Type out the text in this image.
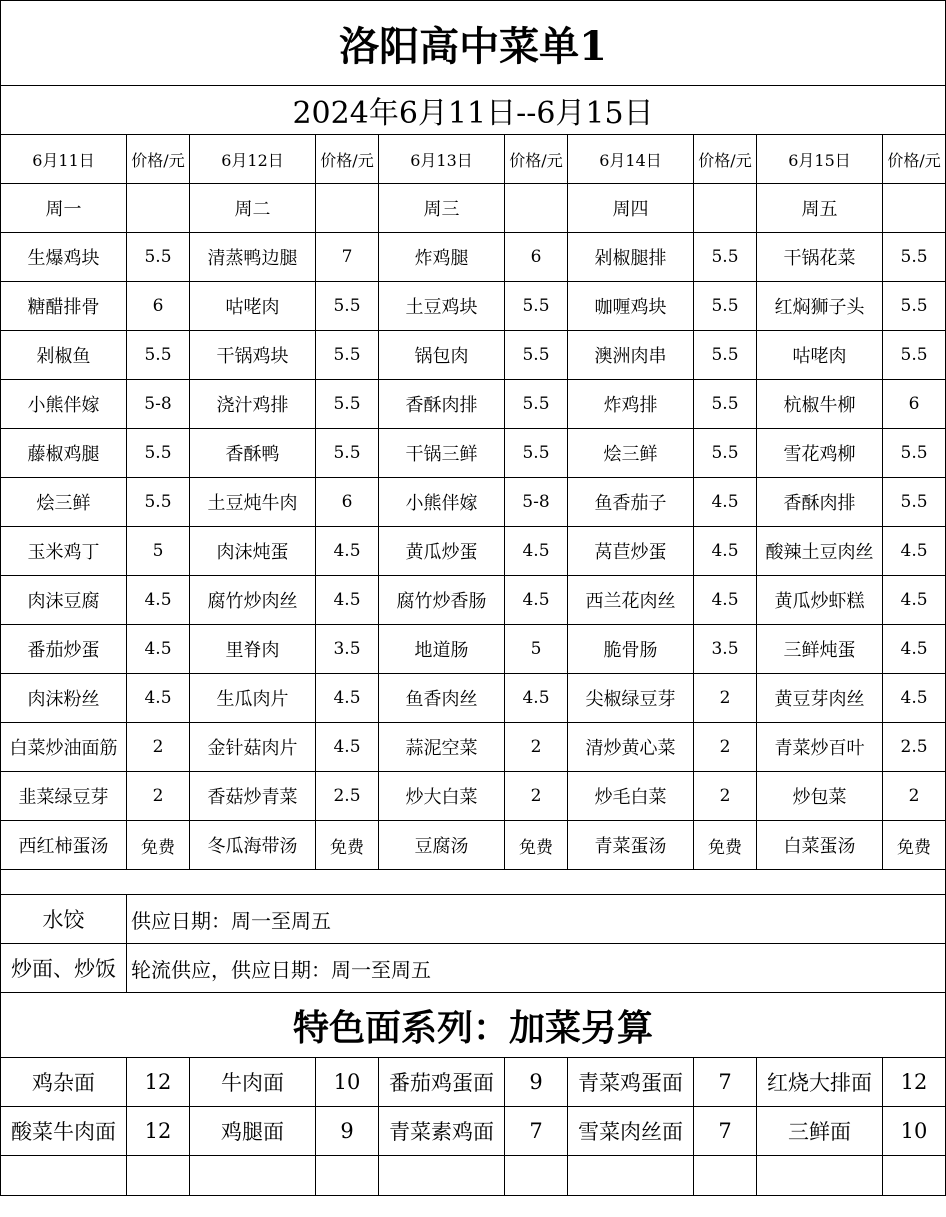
洛阳高中菜单1									
2024年6月11日--6月15日									
6月11日	价格/元	6月12日	价格/元	6月13日	价格/元	6月14日	价格/元	6月15日	价格/元
周一		周二		周三		周四		周五	
生爆鸡块	5.5	清蒸鸭边腿	7	炸鸡腿	6	剁椒腿排	5.5	干锅花菜	5.5
糖醋排骨	6	咕咾肉	5.5	土豆鸡块	5.5	咖喱鸡块	5.5	红焖狮子头	5.5
剁椒鱼	5.5	干锅鸡块	5.5	锅包肉	5.5	澳洲肉串	5.5	咕咾肉	5.5
小熊伴嫁	5-8	浇汁鸡排	5.5	香酥肉排	5.5	炸鸡排	5.5	杭椒牛柳	6
藤椒鸡腿	5.5	香酥鸭	5.5	干锅三鲜	5.5	烩三鲜	5.5	雪花鸡柳	5.5
烩三鲜	5.5	土豆炖牛肉	6	小熊伴嫁	5-8	鱼香茄子	4.5	香酥肉排	5.5
玉米鸡丁	5	肉沫炖蛋	4.5	黄瓜炒蛋	4.5	莴苣炒蛋	4.5	酸辣土豆肉丝	4.5
肉沫豆腐	4.5	腐竹炒肉丝	4.5	腐竹炒香肠	4.5	西兰花肉丝	4.5	黄瓜炒虾糕	4.5
番茄炒蛋	4.5	里脊肉	3.5	地道肠	5	脆骨肠	3.5	三鲜炖蛋	4.5
肉沫粉丝	4.5	生瓜肉片	4.5	鱼香肉丝	4.5	尖椒绿豆芽	2	黄豆芽肉丝	4.5
白菜炒油面筋	2	金针菇肉片	4.5	蒜泥空菜	2	清炒黄心菜	2	青菜炒百叶	2.5
韭菜绿豆芽	2	香菇炒青菜	2.5	炒大白菜	2	炒毛白菜	2	炒包菜	2
西红柿蛋汤	免费	冬瓜海带汤	免费	豆腐汤	免费	青菜蛋汤	免费	白菜蛋汤	免费

水饺	供应日期：周一至周五								
炒面、炒饭	轮流供应，供应日期：周一至周五								
特色面系列：加菜另算									
鸡杂面	12	牛肉面	10	番茄鸡蛋面	9	青菜鸡蛋面	7	红烧大排面	12
酸菜牛肉面	12	鸡腿面	9	青菜素鸡面	7	雪菜肉丝面	7	三鲜面	10
